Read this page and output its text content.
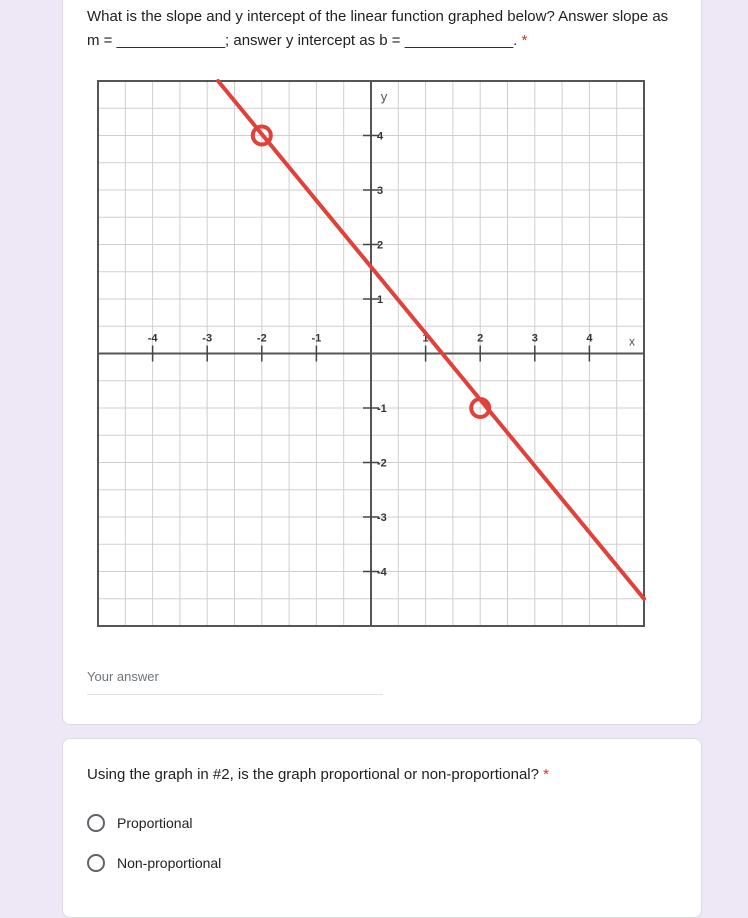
What is the slope and y intercept of the linear function graphed below? Answer slope as m = _____________; answer y intercept as b = _____________. *
-4	-3	-2	-1	1	2	3	4
-4
-3
-2
-1
1
2
3
4
x
y
Your answer
Using the graph in #2, is the graph proportional or non-proportional? *
Proportional
Non-proportional
